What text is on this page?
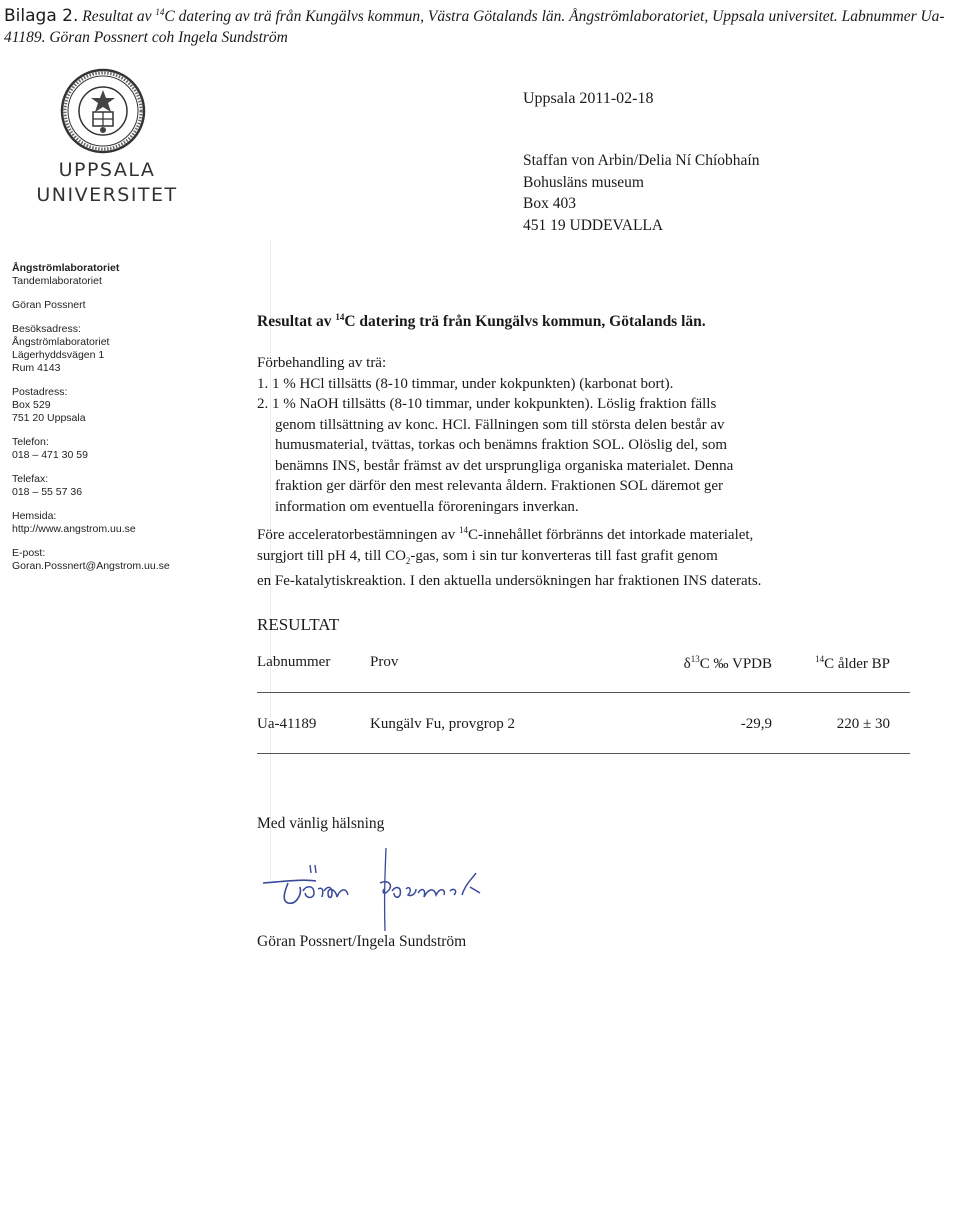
Bilaga 2. Resultat av $^{14}$C datering av trä från Kungälvs kommun, Västra Götalands län. Ångströmlaboratoriet, Uppsala universitet. Labnummer Ua-41189. Göran Possnert coh Ingela Sundström
UPPSALA
UNIVERSITET
Ångströmlaboratoriet
Tandemlaboratoriet
Göran Possnert
Besöksadress:
Ångströmlaboratoriet
Lägerhyddsvägen 1
Rum 4143
Postadress:
Box 529
751 20 Uppsala
Telefon:
018 – 471 30 59
Telefax:
018 – 55 57 36
Hemsida:
http://www.angstrom.uu.se
E-post:
Goran.Possnert@Angstrom.uu.se
Uppsala 2011-02-18
Staffan von Arbin/Delia Ní Chíobhaín
Bohusläns museum
Box 403
451 19 UDDEVALLA
Resultat av $^{14}$C datering trä från Kungälvs kommun, Götalands län.
Förbehandling av trä:
1. 1 % HCl tillsätts (8-10 timmar, under kokpunkten) (karbonat bort).
2. 1 % NaOH tillsätts (8-10 timmar, under kokpunkten). Löslig fraktion fälls
genom tillsättning av konc. HCl. Fällningen som till största delen består av
humusmaterial, tvättas, torkas och benämns fraktion SOL. Olöslig del, som
benämns INS, består främst av det ursprungliga organiska materialet. Denna
fraktion ger därför den mest relevanta åldern. Fraktionen SOL däremot ger
information om eventuella föroreningars inverkan.
Före acceleratorbestämningen av $^{14}$C-innehållet förbränns det intorkade materialet,
surgjort till pH 4, till $CO_2$-gas, som i sin tur konverteras till fast grafit genom
en Fe-katalytiskreaktion. I den aktuella undersökningen har fraktionen INS daterats.
RESULTAT
Labnummer	Prov	$\delta^{13}C$ ‰ VPDB	$^{14}$C ålder BP
Ua-41189	Kungälv Fu, provgrop 2	-29,9	220 ± 30
Med vänlig hälsning
Göran Possnert/Ingela Sundström
